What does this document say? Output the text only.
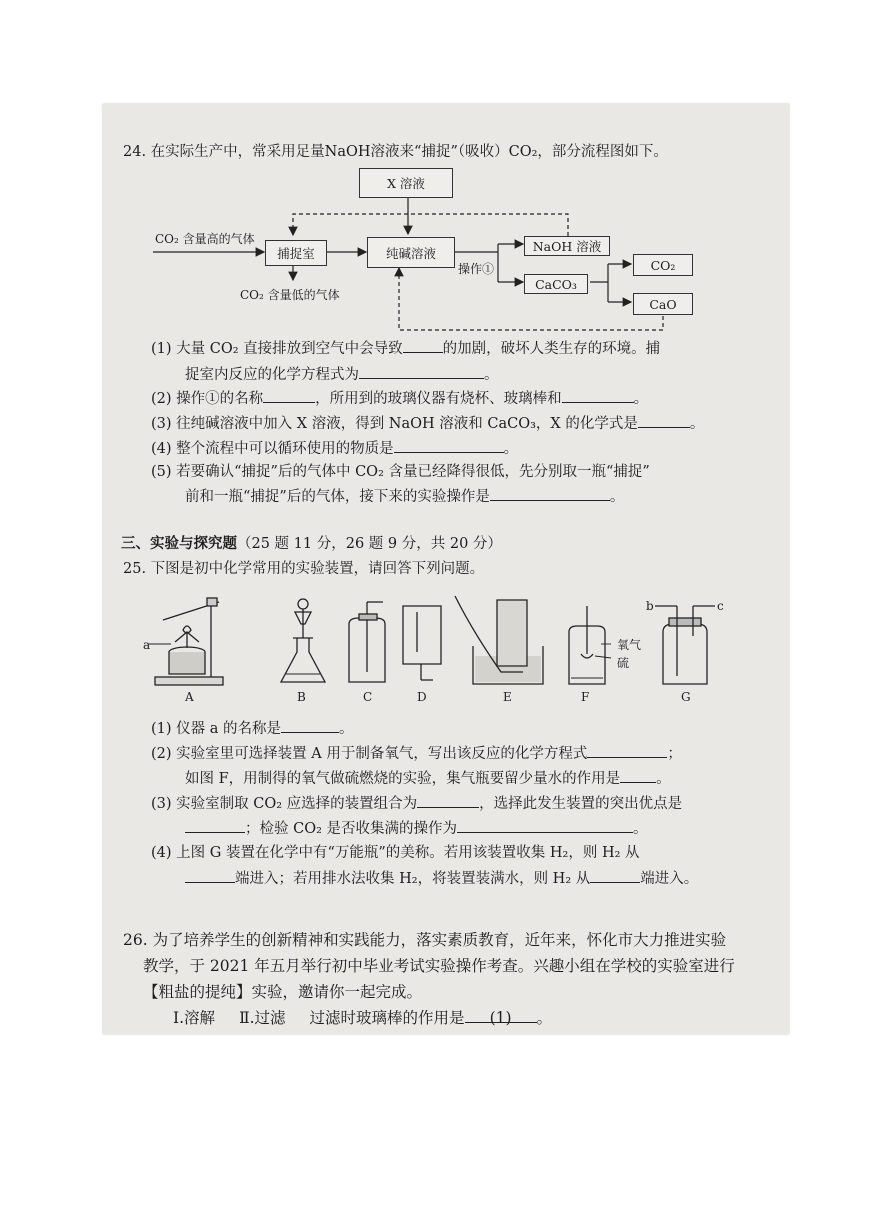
24. 在实际生产中，常采用足量NaOH溶液来“捕捉”（吸收）CO₂，部分流程图如下。
X 溶液
CO₂ 含量高的气体
捕捉室	纯碱溶液
操作①
NaOH 溶液
CaCO₃
CO₂
CaO
CO₂ 含量低的气体
(1) 大量 CO₂ 直接排放到空气中会导致	的加剧，破坏人类生存的环境。捕
捉室内反应的化学方程式为	。
(2) 操作①的名称	，所用到的玻璃仪器有烧杯、玻璃棒和	。
(3) 往纯碱溶液中加入 X 溶液，得到 NaOH 溶液和 CaCO₃，X 的化学式是	。
(4) 整个流程中可以循环使用的物质是	。
(5) 若要确认“捕捉”后的气体中 CO₂ 含量已经降得很低，先分别取一瓶“捕捉”
前和一瓶“捕捉”后的气体，接下来的实验操作是	。
三、实验与探究题（25 题 11 分，26 题 9 分，共 20 分）
25. 下图是初中化学常用的实验装置，请回答下列问题。
a	氧气
硫
b	c
A	B	C	D	E	F	G
(1) 仪器 a 的名称是	。
(2) 实验室里可选择装置 A 用于制备氧气，写出该反应的化学方程式	；
如图 F，用制得的氧气做硫燃烧的实验，集气瓶要留少量水的作用是 。
(3) 实验室制取 CO₂ 应选择的装置组合为	，选择此发生装置的突出优点是
；检验 CO₂ 是否收集满的操作为	。
(4) 上图 G 装置在化学中有“万能瓶”的美称。若用该装置收集 H₂，则 H₂ 从
端进入；若用排水法收集 H₂，将装置装满水，则 H₂ 从	端进入。
26. 为了培养学生的创新精神和实践能力，落实素质教育，近年来，怀化市大力推进实验
教学，于 2021 年五月举行初中毕业考试实验操作考查。兴趣小组在学校的实验室进行
【粗盐的提纯】实验，邀请你一起完成。
Ⅰ.溶解 Ⅱ.过滤 过滤时玻璃棒的作用是 (1) 。
